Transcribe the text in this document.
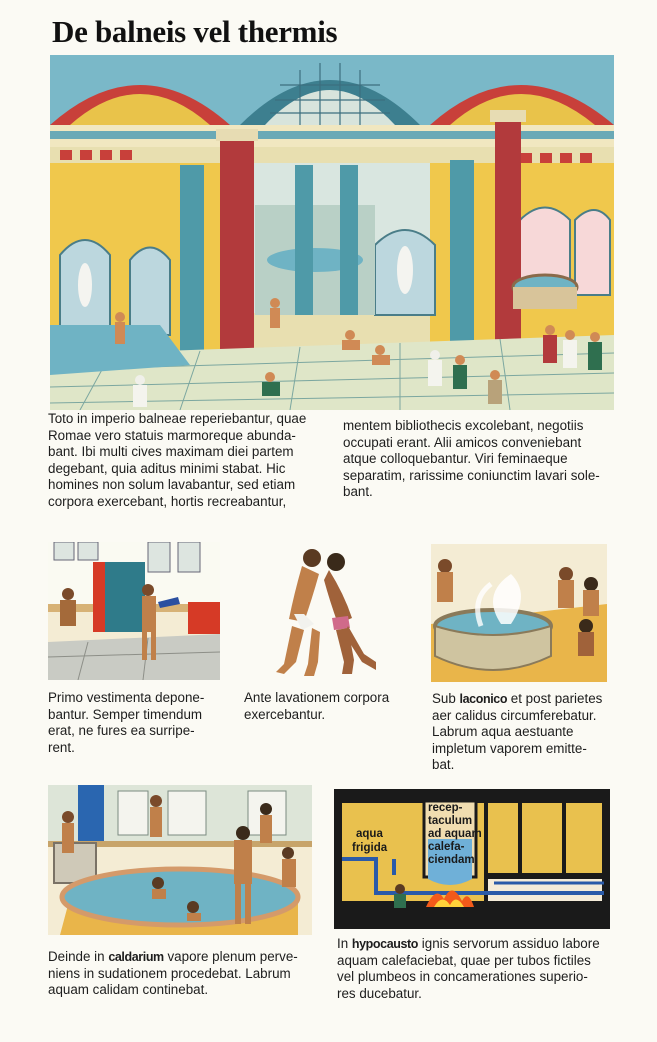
De balneis vel thermis
Toto in imperio balneae reperiebantur, quae
Romae vero statuis marmoreque abunda-
bant. Ibi multi cives maximam diei partem
degebant, quia aditus minimi stabat. Hic
homines non solum lavabantur, sed etiam
corpora exercebant, hortis recreabantur,
mentem bibliothecis excolebant, negotiis
occupati erant. Alii amicos conveniebant
atque colloquebantur. Viri feminaeque
separatim, rarissime coniunctim lavari sole-
bant.
Primo vestimenta depone-
bantur. Semper timendum
erat, ne fures ea surripe-
rent.
Ante lavationem corpora
exercebantur.
Sub laconico et post parietes
aer calidus circumferebatur.
Labrum aqua aestuante
impletum vaporem emitte-
bat.
aqua
frigida
recep-
taculum
ad aquam
calefa-
ciendam
Deinde in caldarium vapore plenum perve-
niens in sudationem procedebat. Labrum
aquam calidam continebat.
In hypocausto ignis servorum assiduo labore
aquam calefaciebat, quae per tubos fictiles
vel plumbeos in concamerationes superio-
res ducebatur.
